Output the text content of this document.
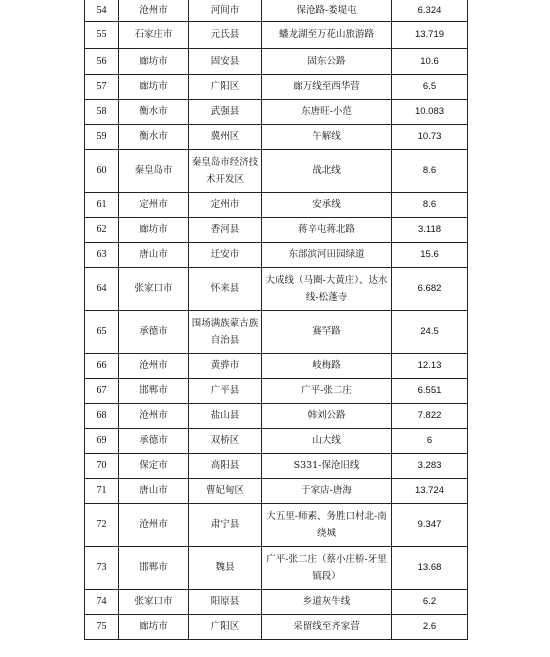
54	沧州市	河间市	保沧路-娄堤屯	6.324
55	石家庄市	元氏县	蟠龙湖至万花山旅游路	13.719
56	廊坊市	固安县	固东公路	10.6
57	廊坊市	广阳区	廊万线至西华营	6.5
58	衡水市	武强县	东唐旺-小范	10.083
59	衡水市	冀州区	午解线	10.73
60	秦皇岛市	秦皇岛市经济技术开发区	战北线	8.6
61	定州市	定州市	安承线	8.6
62	廊坊市	香河县	蒋辛屯蒋北路	3.118
63	唐山市	迁安市	东部滨河田园绿道	15.6
64	张家口市	怀来县	大成线（马圈-大黄庄）、达水线-松蓬寺	6.682
65	承德市	围场满族蒙古族自治县	赛罕路	24.5
66	沧州市	黄骅市	岐梅路	12.13
67	邯郸市	广平县	广平-张二庄	6.551
68	沧州市	盐山县	韩刘公路	7.822
69	承德市	双桥区	山大线	6
70	保定市	高阳县	S331-保沧旧线	3.283
71	唐山市	曹妃甸区	于家店-唐海	13.724
72	沧州市	肃宁县	大五里-师素、务胜口村北-南绕城	9.347
73	邯郸市	魏县	广平-张二庄（蔡小庄桥-牙里镇段）	13.68
74	张家口市	阳原县	乡道灰牛线	6.2
75	廊坊市	广阳区	采留线至齐家营	2.6
